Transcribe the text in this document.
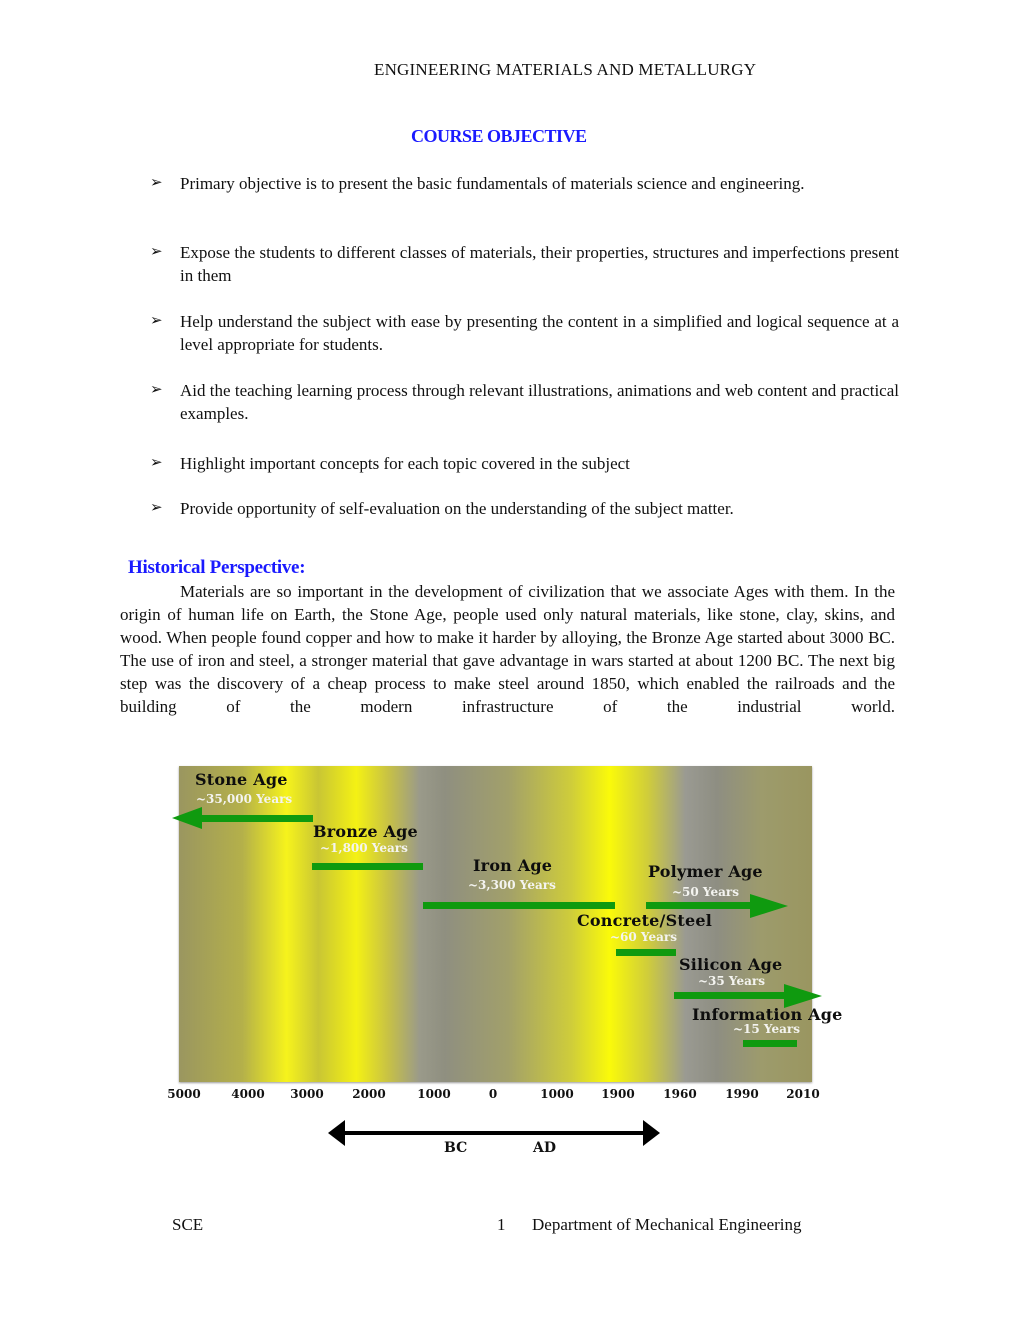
ENGINEERING MATERIALS AND METALLURGY
COURSE OBJECTIVE
➢	Primary objective is to present the basic fundamentals of materials science and engineering.
➢	Expose the students to different classes of materials, their properties, structures and imperfections present in them
➢	Help understand the subject with ease by presenting the content in a simplified and logical sequence at a level appropriate for students.
➢	Aid the teaching learning process through relevant illustrations, animations and web content and practical examples.
➢	Highlight important concepts for each topic covered in the subject
➢	Provide opportunity of self-evaluation on the understanding of the subject matter.
Historical Perspective:
Materials are so important in the development of civilization that we associate Ages with them. In the origin of human life on Earth, the Stone Age, people used only natural materials, like stone, clay, skins, and wood. When people found copper and how to make it harder by alloying, the Bronze Age started about 3000 BC. The use of iron and steel, a stronger material that gave advantage in wars started at about 1200 BC. The next big step was the discovery of a cheap process to make steel around 1850, which enabled the railroads and the building of the modern infrastructure of the industrial world.
Stone Age
~35,000 Years
Bronze Age
~1,800 Years
Iron Age
~3,300 Years
Polymer Age
~50 Years
Concrete/Steel
~60 Years
Silicon Age
~35 Years
Information Age
~15 Years
5000	4000 3000 2000	1000	0	1000 1900 1960 1990 2010
BC	AD
SCE	1 Department of Mechanical Engineering
